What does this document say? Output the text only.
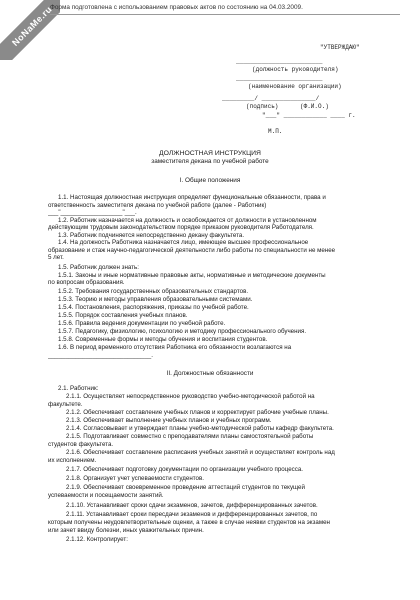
NoNaMe.ru
Форма подготовлена с использованием правовых актов по состоянию на 04.03.2009.
"УТВЕРЖДАЮ"
________________________
(должность руководителя)
________________________
(наименование организации)
_________/ _______________/
(подпись)      (Ф.И.О.)
"___" ____________ ____ г.
М.П.
ДОЛЖНОСТНАЯ ИНСТРУКЦИЯ
заместителя декана по учебной работе
I. Общие положения
1.1. Настоящая должностная инструкция определяет функциональные обязанности, права и
ответственность заместителя декана по учебной работе (далее - Работник)
___"__________________"___.
1.2. Работник назначается на должность и освобождается от должности в установленном
действующим трудовым законодательством порядке приказом руководителя Работодателя.
1.3. Работник подчиняется непосредственно декану факультета.
1.4. На должность Работника назначается лицо, имеющее высшее профессиональное
образование и стаж научно-педагогической деятельности либо работы по специальности не менее
5 лет.
1.5. Работник должен знать:
1.5.1. Законы и иные нормативные правовые акты, нормативные и методические документы
по вопросам образования.
1.5.2. Требования государственных образовательных стандартов.
1.5.3. Теорию и методы управления образовательными системами.
1.5.4. Постановления, распоряжения, приказы по учебной работе.
1.5.5. Порядок составления учебных планов.
1.5.6. Правила ведения документации по учебной работе.
1.5.7. Педагогику, физиологию, психологию и методику профессионального обучения.
1.5.8. Современные формы и методы обучения и воспитания студентов.
1.6. В период временного отсутствия Работника его обязанности возлагаются на
______________________________.
II. Должностные обязанности
2.1. Работник:
2.1.1. Осуществляет непосредственное руководство учебно-методической работой на
факультете.
2.1.2. Обеспечивает составление учебных планов и корректирует рабочие учебные планы.
2.1.3. Обеспечивает выполнение учебных планов и учебных программ.
2.1.4. Согласовывает и утверждает планы учебно-методической работы кафедр факультета.
2.1.5. Подготавливает совместно с преподавателями планы самостоятельной работы
студентов факультета.
2.1.6. Обеспечивает составление расписания учебных занятий и осуществляет контроль над
их исполнением.
2.1.7. Обеспечивает подготовку документации по организации учебного процесса.
2.1.8. Организует учет успеваемости студентов.
2.1.9. Обеспечивает своевременное проведение аттестаций студентов по текущей
успеваемости и посещаемости занятий.
2.1.10. Устанавливает сроки сдачи экзаменов, зачетов, дифференцированных зачетов.
2.1.11. Устанавливает сроки пересдачи экзаменов и дифференцированных зачетов, по
которым получены неудовлетворительные оценки, а также в случае неявки студентов на экзамен
или зачет ввиду болезни, иных уважительных причин.
2.1.12. Контролирует:
